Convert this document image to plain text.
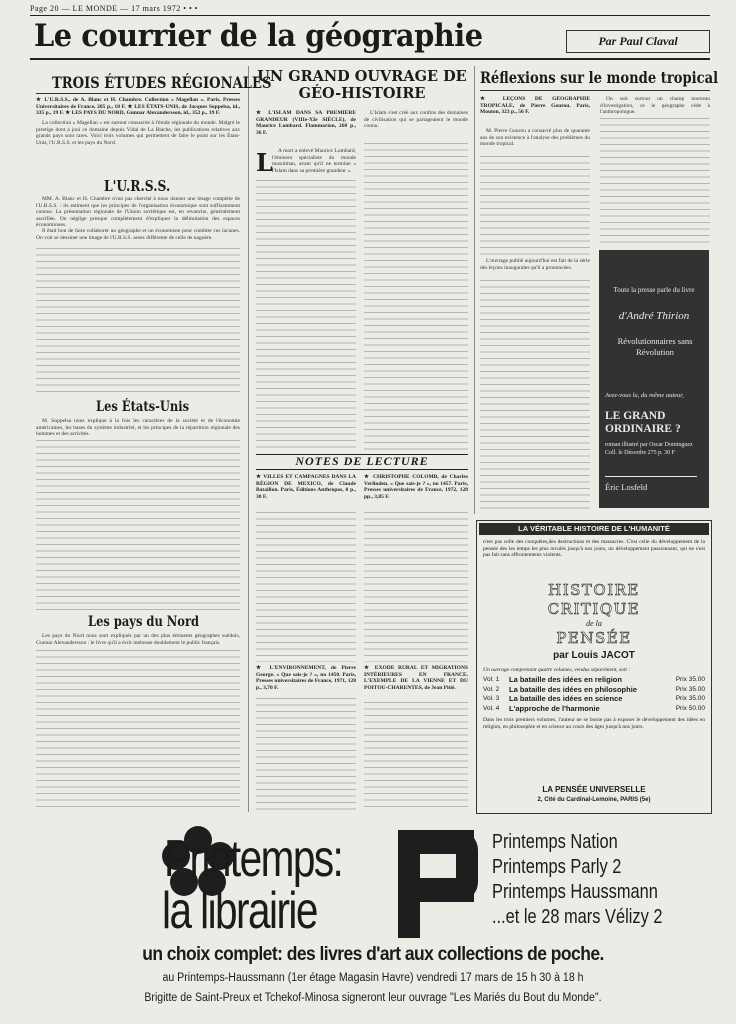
Page 20 — LE MONDE — 17 mars 1972 • • •
Le courrier de la géographie	Par Paul Claval
TROIS ÉTUDES RÉGIONALES
★ L'U.R.S.S., de A. Blanc et H. Chambre. Collection « Magellan ». Paris, Presses Universitaires de France, 285 p., 18 F. ★ LES ÉTATS-UNIS, de Jacques Soppelsa, id., 335 p., 19 F. ★ LES PAYS DU NORD, Gunnar Alexandersson, id., 352 p., 19 F.

La collection « Magellan » est surtout consacrée à l'étude régionale du monde. Malgré le prestige dont a joui ce domaine depuis Vidal de La Blache, les publications relatives aux grands pays sont rares. Voici trois volumes qui permettent de faire le point sur les États-Unis, l'U.R.S.S. et les pays du Nord.

L'U.R.S.S.

MM. A. Blanc et H. Chambre n'ont pas cherché à nous donner une image complète de l'U.R.S.S. : ils estiment que les principes de l'organisation économique sont suffisamment connus. La présentation régionale de l'Union soviétique est, en revanche, généralement sacrifiée. On néglige presque complètement d'expliquer la délimitation des espaces économiques.

Il était bon de faire collaborer un géographe et un économiste pour combler ces lacunes. On voit se dessiner une image de l'U.R.S.S. assez différente de celle de naguère.

Les États-Unis

M. Soppelsa nous explique à la fois les caractères de la société et de l'économie américaines, les bases du système industriel, et les principes de la répartition régionale des hommes et des activités.

Les pays du Nord

Les pays du Nord nous sont expliqués par un des plus éminents géographes suédois, Gunnar Alexandersson : le livre qu'il a écrit intéresse doublement le public français.

UN GRAND OUVRAGE DE GÉO-HISTOIRE
★ L'ISLAM DANS SA PREMIÈRE GRANDEUR (VIIIe-XIe SIÈCLE), de Maurice Lombard. Flammarion, 260 p., 36 F.
L A mort a enlevé Maurice Lombard, l'éminent spécialiste du monde musulman, avant qu'il ne termine « l'Islam dans sa première grandeur ».

L'Islam s'est créé aux confins des domaines de civilisation qui se partageaient le monde connu.

NOTES DE LECTURE
★ VILLES ET CAMPAGNES DANS LA RÉGION DE MEXICO, de Claude Bataillon. Paris, Éditions Anthropos, 8 p., 30 F.
★ L'ENVIRONNEMENT, de Pierre George. « Que sais-je ? », no 1450. Paris, Presses universitaires de France, 1971, 128 p., 3,70 F.
★ CHRISTOPHE COLOMB, de Charles Verlinden. « Que sais-je ? », no 1457. Paris, Presses universitaires de France, 1972, 128 pp., 3,85 F.
★ EXODE RURAL ET MIGRATIONS INTÉRIEURES EN FRANCE. L'EXEMPLE DE LA VIENNE ET DU POITOU-CHARENTES, de Jean Pitié.
Réflexions sur le monde tropical
★ LEÇONS DE GÉOGRAPHIE TROPICALE, de Pierre Gourou. Paris, Mouton, 323 p., 56 F.

M. Pierre Gourou a consacré plus de quarante ans de son existence à l'analyse des problèmes du monde tropical.

L'ouvrage publié aujourd'hui est fait de la série des leçons inaugurales qu'il a prononcées.

On suit surtout un champ nouveau d'investigation, ce le géographe cède à l'anthropologue.

Toute la presse parle du livre
d'André Thirion
Révolutionnaires sans Révolution
Avez-vous lu, du même auteur,
LE GRAND ORDINAIRE ?
roman illustré par Oscar Dominguez Coll. le Désordre 275 p. 30 F
Éric Losfeld
LA VÉRITABLE HISTOIRE DE L'HUMANITÉ
n'est pas celle des conquêtes,des destructions et des massacres. C'est celle du développement de la pensée des les temps les plus reculés jusqu'à nos jours, un développement passionnant, qui ne s'est pas fait sans affrontements violents.
HISTOIRE
CRITIQUE
de la
PENSÉE
par Louis JACOT
Un ouvrage comprenant quatre volumes, vendus séparément, soit :
Vol. 1	La bataille des idées en religion	Prix 35.00
Vol. 2	La bataille des idées en philosophie	Prix 35.00
Vol. 3	La bataille des idées en science	Prix 35.00
Vol. 4	L'approche de l'harmonie	Prix 50.00
Dans les trois premiers volumes, l'auteur ne se borne pas à exposer le développement des idées en religion, en philosophie et en science au cours des âges jusqu'à nos jours.
LA PENSÉE UNIVERSELLE
2, Cité du Cardinal-Lemoine, PARIS (5e)
Printemps:
la librairie
Printemps Nation
Printemps Parly 2
Printemps Haussmann
...et le 28 mars Vélizy 2
un choix complet: des livres d'art aux collections de poche.
au Printemps-Haussmann (1er étage Magasin Havre) vendredi 17 mars de 15 h 30 à 18 h
Brigitte de Saint-Preux et Tchekof-Minosa signeront leur ouvrage "Les Mariés du Bout du Monde".
